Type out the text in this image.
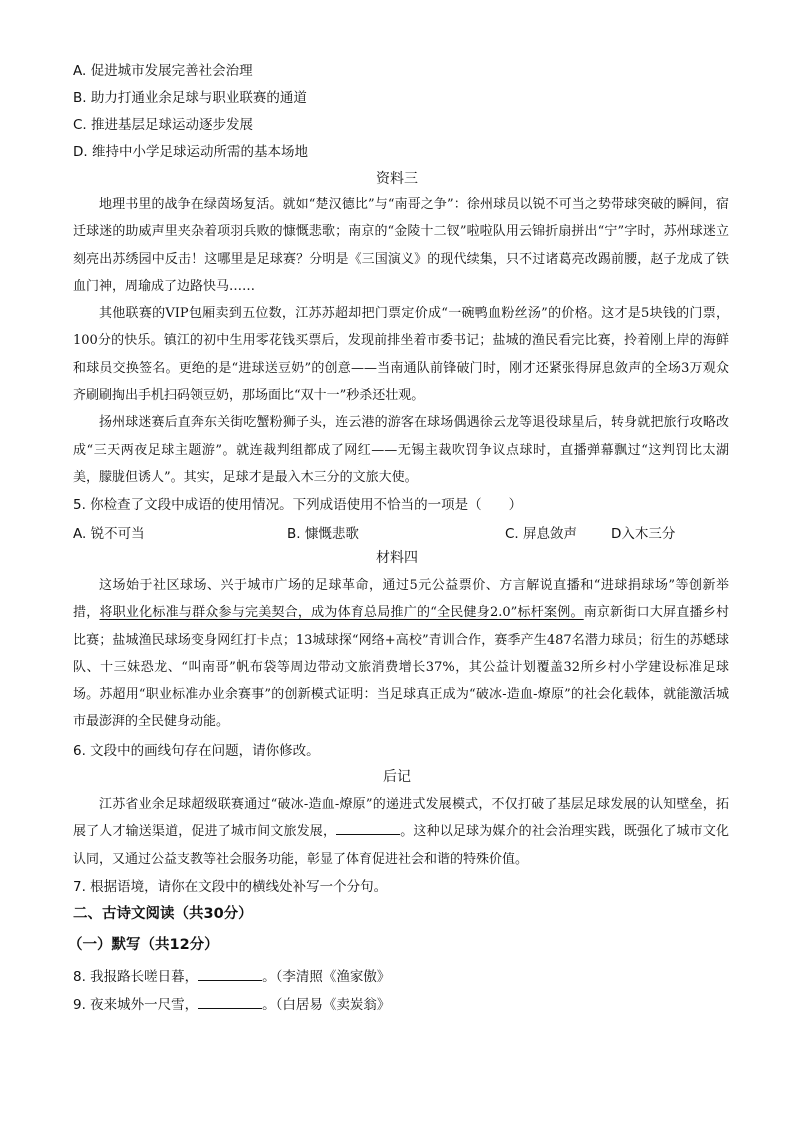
A. 促进城市发展完善社会治理
B. 助力打通业余足球与职业联赛的通道
C. 推进基层足球运动逐步发展
D. 维持中小学足球运动所需的基本场地
资料三
地理书里的战争在绿茵场复活。就如“楚汉德比”与“南哥之争”：徐州球员以锐不可当之势带球突破的瞬间，宿迁球迷的助威声里夹杂着项羽兵败的慷慨悲歌；南京的“金陵十二钗”啦啦队用云锦折扇拼出“宁”字时，苏州球迷立刻亮出苏绣园中反击！这哪里是足球赛？分明是《三国演义》的现代续集，只不过诸葛亮改踢前腰，赵子龙成了铁血门神，周瑜成了边路快马……
其他联赛的VIP包厢卖到五位数，江苏苏超却把门票定价成“一碗鸭血粉丝汤”的价格。这才是5块钱的门票，100分的快乐。镇江的初中生用零花钱买票后，发现前排坐着市委书记；盐城的渔民看完比赛，拎着刚上岸的海鲜和球员交换签名。更绝的是“进球送豆奶”的创意——当南通队前锋破门时，刚才还紧张得屏息敛声的全场3万观众齐刷刷掏出手机扫码领豆奶，那场面比“双十一”秒杀还壮观。
扬州球迷赛后直奔东关街吃蟹粉狮子头，连云港的游客在球场偶遇徐云龙等退役球星后，转身就把旅行攻略改成“三天两夜足球主题游”。就连裁判组都成了网红——无锡主裁吹罚争议点球时，直播弹幕飘过“这判罚比太湖美，朦胧但诱人”。其实，足球才是最入木三分的文旅大使。
5. 你检查了文段中成语的使用情况。下列成语使用不恰当的一项是（　　）
A. 锐不可当	B. 慷慨悲歌	C. 屏息敛声	D入木三分
材料四
这场始于社区球场、兴于城市广场的足球革命，通过5元公益票价、方言解说直播和“进球捐球场”等创新举措，将职业化标准与群众参与完美契合，成为体育总局推广的“全民健身2.0”标杆案例。南京新街口大屏直播乡村比赛；盐城渔民球场变身网红打卡点；13城球探“网络+高校”青训合作，赛季产生487名潜力球员；衍生的苏蟋球队、十三妹恐龙、“叫南哥”帆布袋等周边带动文旅消费增长37%，其公益计划覆盖32所乡村小学建设标准足球场。苏超用“职业标准办业余赛事”的创新模式证明：当足球真正成为“破冰-造血-燎原”的社会化载体，就能激活城市最澎湃的全民健身动能。
6. 文段中的画线句存在问题，请你修改。
后记
江苏省业余足球超级联赛通过“破冰-造血-燎原”的递进式发展模式，不仅打破了基层足球发展的认知壁垒，拓展了人才输送渠道，促进了城市间文旅发展，	。这种以足球为媒介的社会治理实践，既强化了城市文化认同，又通过公益支教等社会服务功能，彰显了体育促进社会和谐的特殊价值。
7. 根据语境，请你在文段中的横线处补写一个分句。
二、古诗文阅读（共30分）
（一）默写（共12分）
8. 我报路长嗟日暮，	。（李清照《渔家傲》
9. 夜来城外一尺雪，	。（白居易《卖炭翁》
